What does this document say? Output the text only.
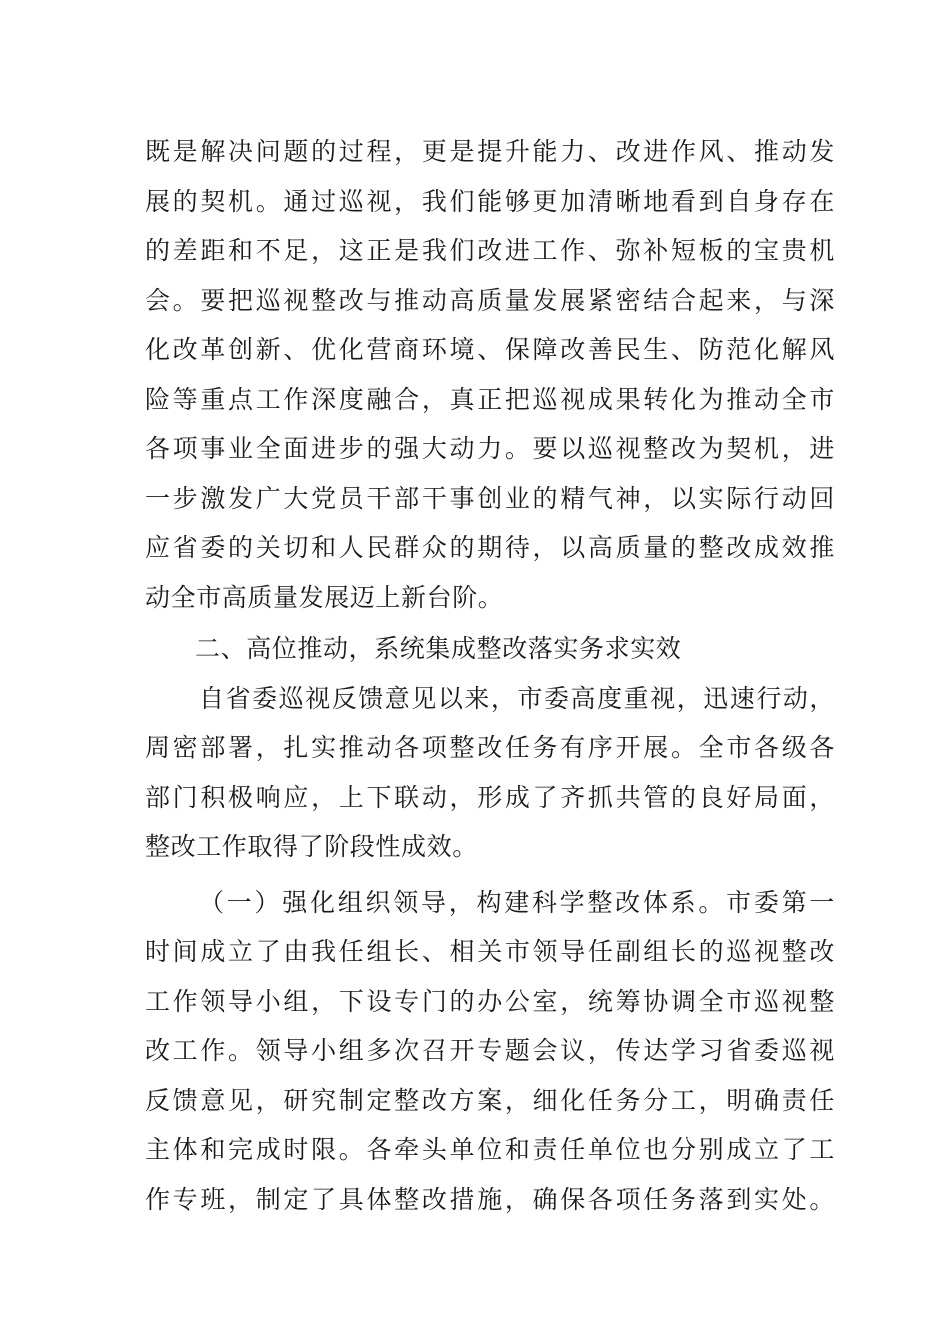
既是解决问题的过程，更是提升能力、改进作风、推动发
展的契机。通过巡视，我们能够更加清晰地看到自身存在
的差距和不足，这正是我们改进工作、弥补短板的宝贵机
会。要把巡视整改与推动高质量发展紧密结合起来，与深
化改革创新、优化营商环境、保障改善民生、防范化解风
险等重点工作深度融合，真正把巡视成果转化为推动全市
各项事业全面进步的强大动力。要以巡视整改为契机，进
一步激发广大党员干部干事创业的精气神，以实际行动回
应省委的关切和人民群众的期待，以高质量的整改成效推
动全市高质量发展迈上新台阶。
二、高位推动，系统集成整改落实务求实效
自省委巡视反馈意见以来，市委高度重视，迅速行动，
周密部署，扎实推动各项整改任务有序开展。全市各级各
部门积极响应，上下联动，形成了齐抓共管的良好局面，
整改工作取得了阶段性成效。
（一）强化组织领导，构建科学整改体系。市委第一
时间成立了由我任组长、相关市领导任副组长的巡视整改
工作领导小组，下设专门的办公室，统筹协调全市巡视整
改工作。领导小组多次召开专题会议，传达学习省委巡视
反馈意见，研究制定整改方案，细化任务分工，明确责任
主体和完成时限。各牵头单位和责任单位也分别成立了工
作专班，制定了具体整改措施，确保各项任务落到实处。
